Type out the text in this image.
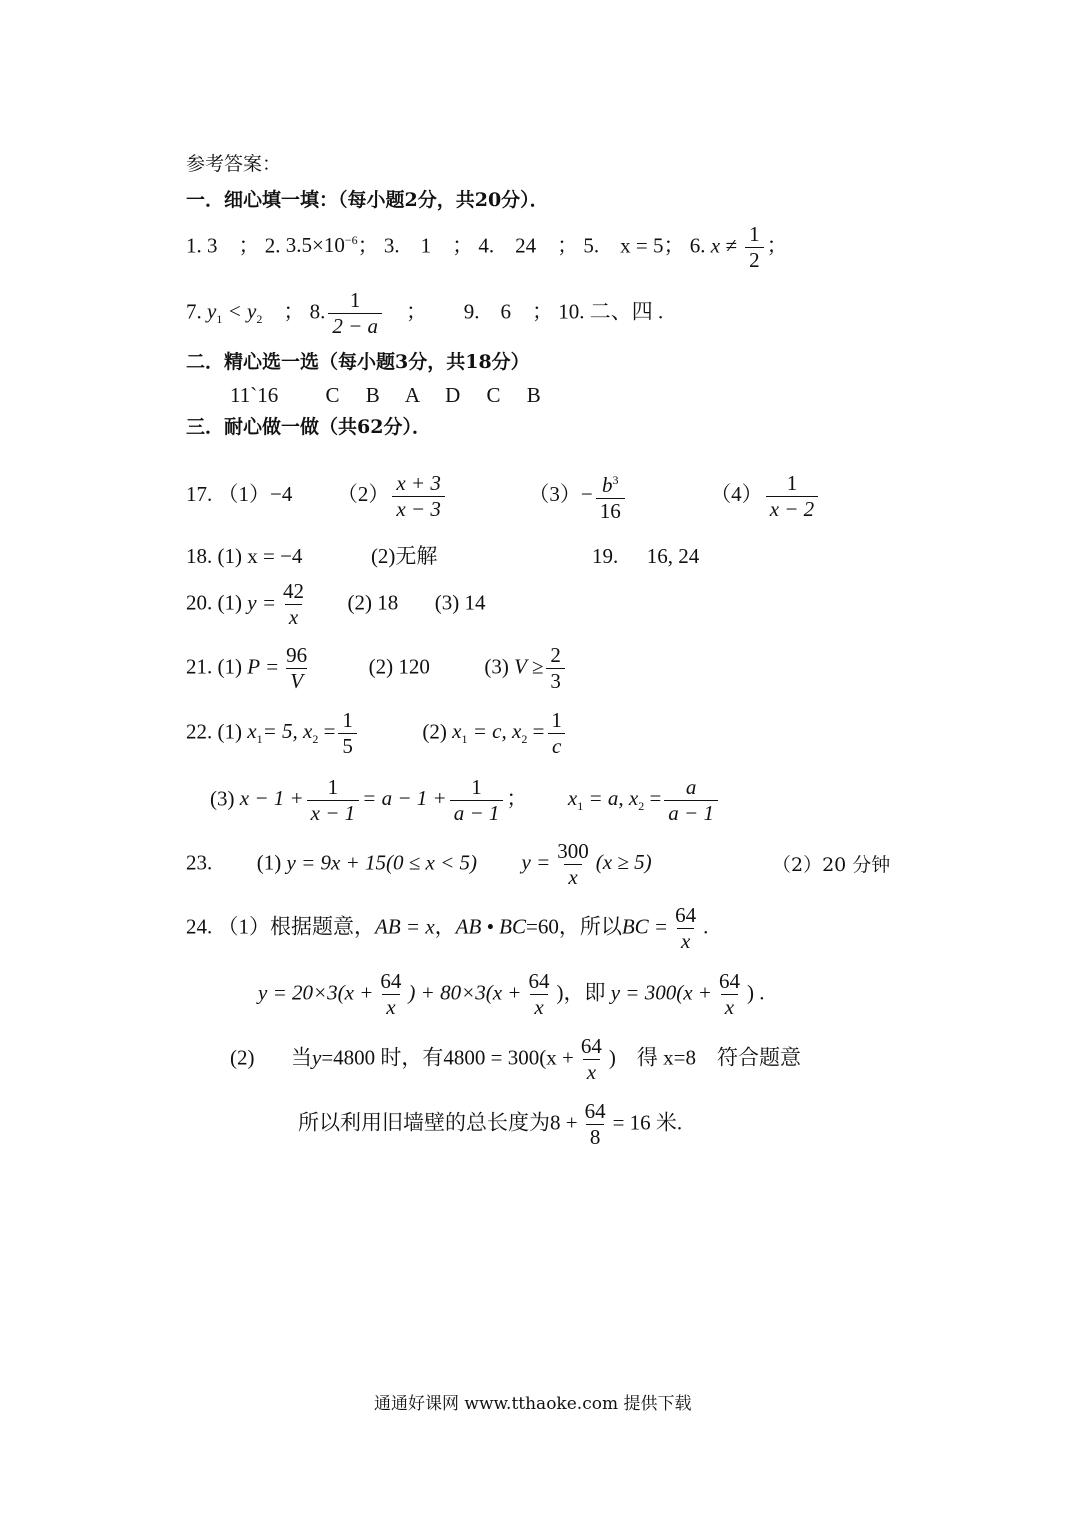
参考答案：
一．细心填一填：（每小题2分，共20分）．
1. 3　； 2. $3.5\times 10^{-6}$； 3.　1　； 4.　24　； 5.　x = 5； 6. $x \ne \frac{1}{2}$ ；
7. $y_1 < y_2$　； 8. $\frac{1}{2 - a}$ 　；　　 9.　6　； 10. 二、四 .
二．精心选一选（每小题3分，共18分）
11`16　　 C　 B　 A　 D　 C　 B
三．耐心做一做（共62分）．
17. （1）−4 $(2) \frac{x + 3}{x - 3}$	$(3)- \frac{b^3}{16}$	$(4) \frac{1}{x - 2}$
18. (1) x = −4	(2)无解	19. 16, 24
20. (1) $y = \frac{42}{x} (2)$ 18 (3) 14
21. (1) $P = \frac{96}{V}$	(2) 120	(3) $V \ge \frac{2}{3}$
22. (1) $x_1= 5$, $x_2 = \frac{1}{5}$	(2) $x_1 = c$, $x_2 = \frac{1}{c}$
(3) $x - 1 + \frac{1}{x - 1} = a - 1 + \frac{1}{a - 1}$ ； $x_1 = a$, $x_2 = \frac{a}{a - 1}$
23. (1) y = 9x + 15(0 ≤ x < 5) $y = \frac{300}{x} (x \ge 5)$	（2）20 分钟
24. （1）根据题意，AB = x，AB • BC=60，所以BC = $\frac{64}{x}$ .
$y = 20\times 3(x + \frac{64}{x}$ ) + $80\times 3(x + \frac{64}{x}$ )，即 $y = 300(x + \frac{64}{x}$ ) .
(2) 当y=4800 时，有$4800 = 300(x + \frac{64}{x}$ )　得 x=8　符合题意
所以利用旧墙壁的总长度为$8 + \frac{64}{8} = 16$ 米.
通通好课网 www.tthaoke.com 提供下载
